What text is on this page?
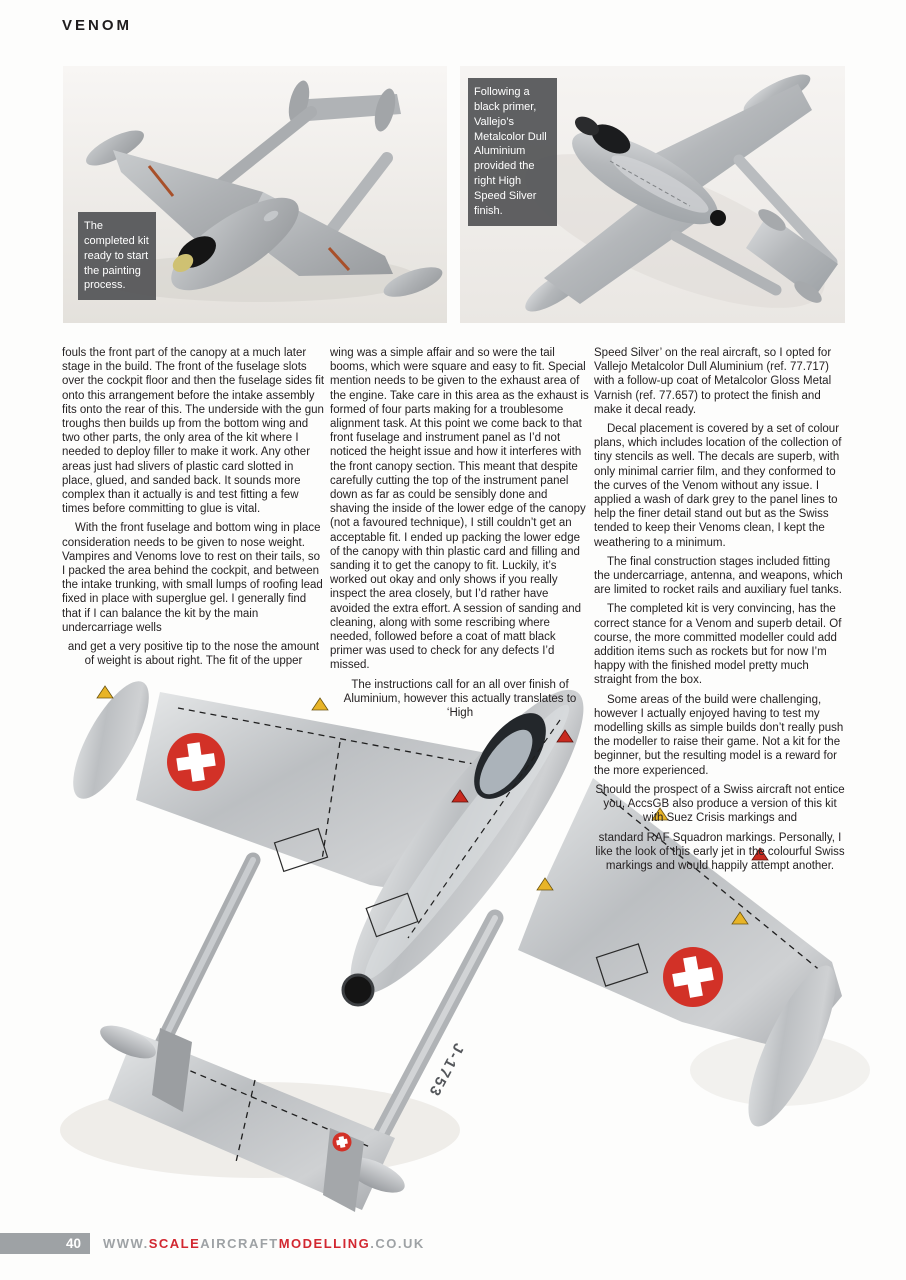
VENOM
The completed kit ready to start the painting process.
Following a black primer, Vallejo’s Metalcolor Dull Aluminium provided the right High Speed Silver finish.
J-1753

fouls the front part of the canopy at a much later stage in the build. The front of the fuselage slots over the cockpit floor and then the fuselage sides fit onto this arrangement before the intake assembly fits onto the rear of this. The underside with the gun troughs then builds up from the bottom wing and two other parts, the only area of the kit where I needed to deploy filler to make it work. Any other areas just had slivers of plastic card slotted in place, glued, and sanded back. It sounds more complex than it actually is and test fitting a few times before committing to glue is vital.

With the front fuselage and bottom wing in place consideration needs to be given to nose weight. Vampires and Venoms love to rest on their tails, so I packed the area behind the cockpit, and between the intake trunking, with small lumps of roofing lead fixed in place with superglue gel. I generally find that if I can balance the kit by the main undercarriage wells

and get a very positive tip to the nose the amount of weight is about right. The fit of the upper

wing was a simple affair and so were the tail booms, which were square and easy to fit. Special mention needs to be given to the exhaust area of the engine. Take care in this area as the exhaust is formed of four parts making for a troublesome alignment task. At this point we come back to that front fuselage and instrument panel as I’d not noticed the height issue and how it interferes with the front canopy section. This meant that despite carefully cutting the top of the instrument panel down as far as could be sensibly done and shaving the inside of the lower edge of the canopy (not a favoured technique), I still couldn’t get an acceptable fit. I ended up packing the lower edge of the canopy with thin plastic card and filling and sanding it to get the canopy to fit. Luckily, it’s worked out okay and only shows if you really inspect the area closely, but I’d rather have avoided the extra effort. A session of sanding and cleaning, along with some rescribing where needed, followed before a coat of matt black primer was used to check for any defects I’d missed.

The instructions call for an all over finish of Aluminium, however this actually translates to ‘High

Speed Silver’ on the real aircraft, so I opted for Vallejo Metalcolor Dull Aluminium (ref. 77.717) with a follow-up coat of Metalcolor Gloss Metal Varnish (ref. 77.657) to protect the finish and make it decal ready.

Decal placement is covered by a set of colour plans, which includes location of the collection of tiny stencils as well. The decals are superb, with only minimal carrier film, and they conformed to the curves of the Venom without any issue. I applied a wash of dark grey to the panel lines to help the finer detail stand out but as the Swiss tended to keep their Venoms clean, I kept the weathering to a minimum.

The final construction stages included fitting the undercarriage, antenna, and weapons, which are limited to rocket rails and auxiliary fuel tanks.

The completed kit is very convincing, has the correct stance for a Venom and superb detail. Of course, the more committed modeller could add addition items such as rockets but for now I’m happy with the finished model pretty much straight from the box.

Some areas of the build were challenging, however I actually enjoyed having to test my modelling skills as simple builds don’t really push the modeller to raise their game. Not a kit for the beginner, but the resulting model is a reward for the more experienced.

Should the prospect of a Swiss aircraft not entice you, AccsGB also produce a version of this kit with Suez Crisis markings and

standard RAF Squadron markings. Personally, I like the look of this early jet in the colourful Swiss markings and would happily attempt another.

40	WWW.SCALEAIRCRAFTMODELLING.CO.UK
